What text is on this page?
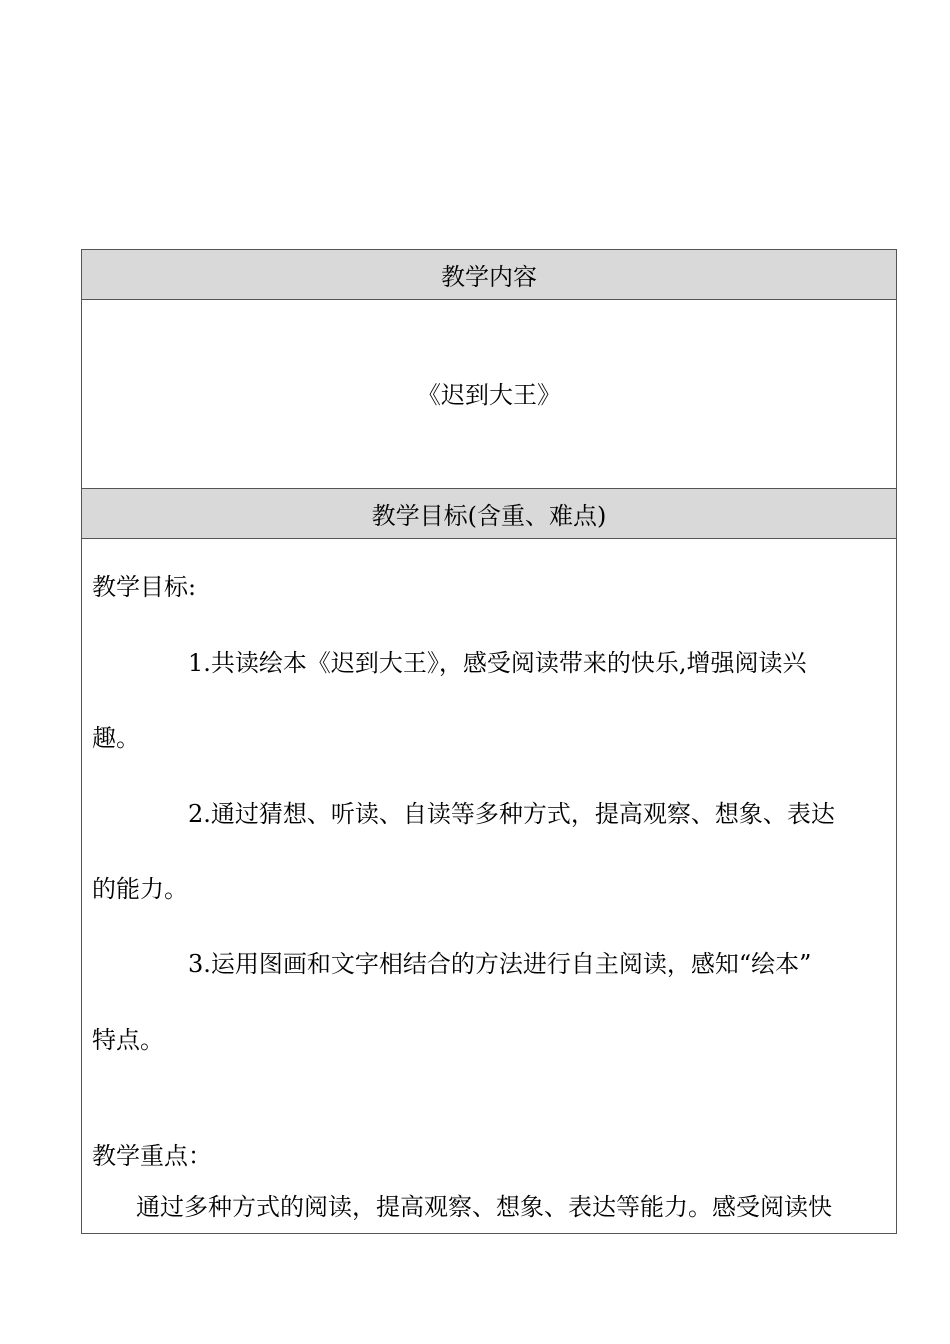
教学内容
《迟到大王》
教学目标(含重、难点)
教学目标:
1.共读绘本《迟到大王》，感受阅读带来的快乐,增强阅读兴
趣。
2.通过猜想、听读、自读等多种方式，提高观察、想象、表达
的能力。
3.运用图画和文字相结合的方法进行自主阅读，感知“绘本”
特点。
教学重点：
通过多种方式的阅读，提高观察、想象、表达等能力。感受阅读快
